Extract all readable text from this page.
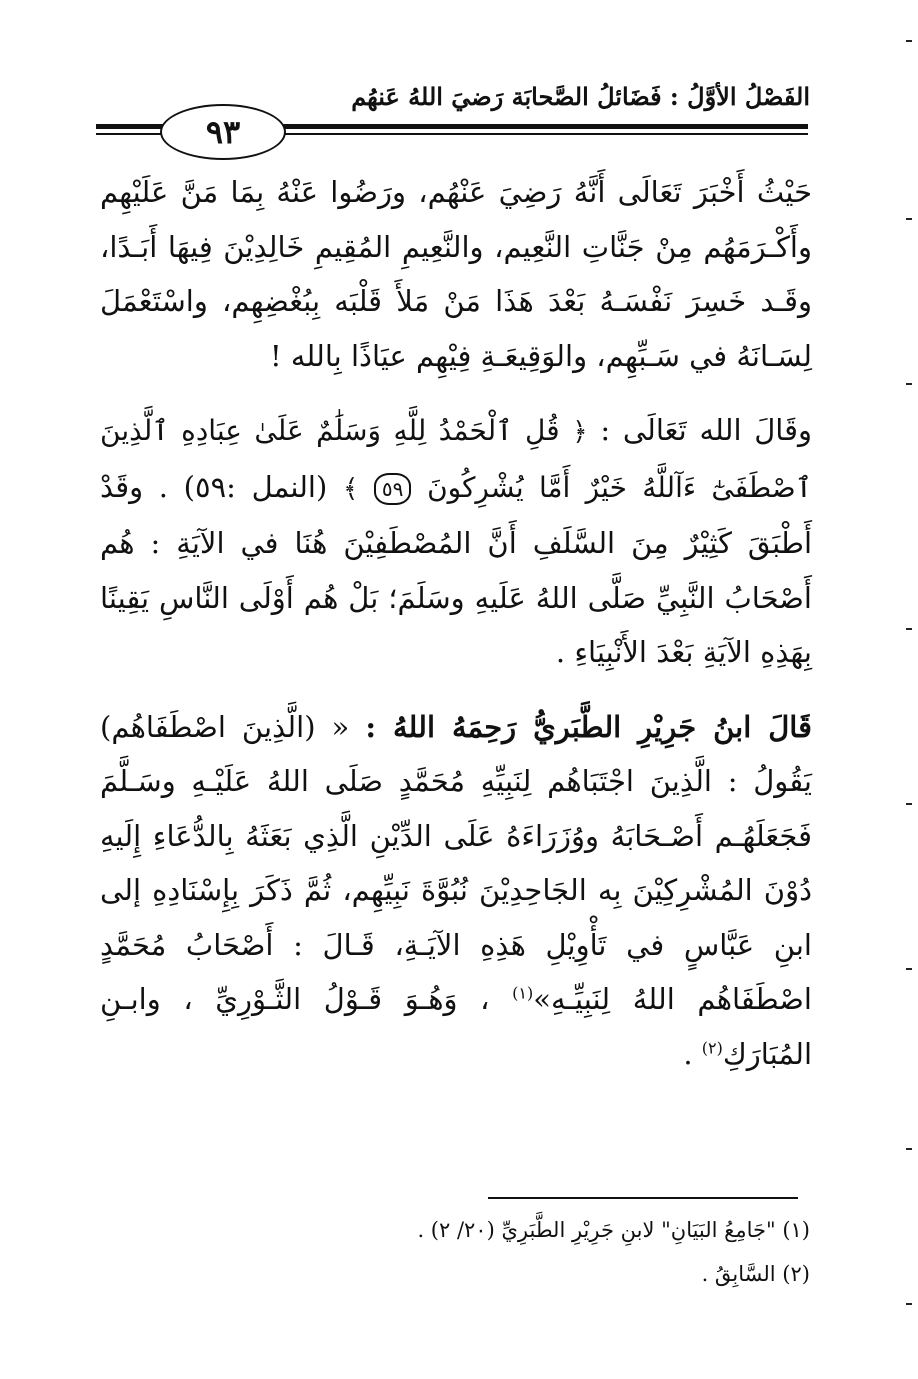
الفَصْلُ الأوَّلُ : فَضَائلُ الصَّحابَة رَضيَ اللهُ عَنهُم
٩٣

حَيْثُ أَخْبَرَ تَعَالَى أَنَّهُ رَضِيَ عَنْهُم، ورَضُوا عَنْهُ بِمَا مَنَّ عَلَيْهِم وأَكْـرَمَهُم مِنْ جَنَّاتِ النَّعِيم، والنَّعِيمِ المُقِيمِ خَالِدِيْنَ فِيهَا أَبَـدًا، وقَـد خَسِرَ نَفْسَـهُ بَعْدَ هَذَا مَنْ مَلأَ قَلْبَه بِبُغْضِهِم، واسْتَعْمَلَ لِسَـانَهُ في سَـبِّهِم، والوَقِيعَـةِ فِيْهِم عيَاذًا بِالله !

وقَالَ الله تَعَالَى : ﴿ قُلِ ٱلْحَمْدُ لِلَّهِ وَسَلَٰمٌ عَلَىٰ عِبَادِهِ ٱلَّذِينَ ٱصْطَفَىٰٓ ءَآللَّهُ خَيْرٌ أَمَّا يُشْرِكُونَ ٥٩ ﴾ (النمل :٥٩) . وقَدْ أَطْبَقَ كَثِيْرٌ مِنَ السَّلَفِ أَنَّ المُصْطَفِيْنَ هُنَا في الآيَةِ : هُم أَصْحَابُ النَّبِيِّ صَلَّى اللهُ عَلَيهِ وسَلَمَ؛ بَلْ هُم أَوْلَى النَّاسِ يَقِينًا بِهَذِهِ الآيَةِ بَعْدَ الأَنْبِيَاءِ .

قَالَ ابنُ جَرِيْرِ الطَّبَريُّ رَحِمَهُ اللهُ : « (الَّذِينَ اصْطَفَاهُم) يَقُولُ : الَّذِينَ اجْتَبَاهُم لِنَبِيِّهِ مُحَمَّدٍ صَلَى اللهُ عَلَيْـهِ وسَـلَّمَ فَجَعَلَهُـم أَصْـحَابَهُ ووُزَرَاءَهُ عَلَى الدِّيْنِ الَّذِي بَعَثَهُ بِالدُّعَاءِ إِلَيهِ دُوْنَ المُشْرِكِيْنَ بِه الجَاحِدِيْنَ نُبُوَّةَ نَبِيِّهِم، ثُمَّ ذَكَرَ بِإِسْنَادِهِ إلى ابنِ عَبَّاسٍ في تَأْوِيْلِ هَذِهِ الآيَـةِ، قَـالَ : أَصْحَابُ مُحَمَّدٍ اصْطَفَاهُم اللهُ لِنَبِيِّـهِ»$^{(١)}$ ، وَهُـوَ قَـوْلُ الثَّـوْرِيِّ ، وابـنِ المُبَارَكِ$^{(٢)}$ .

(١) "جَامِعُ البَيَانِ" لابنِ جَرِيْرِ الطَّبَرِيِّ (٢٠/ ٢) .

(٢) السَّابِقُ .
